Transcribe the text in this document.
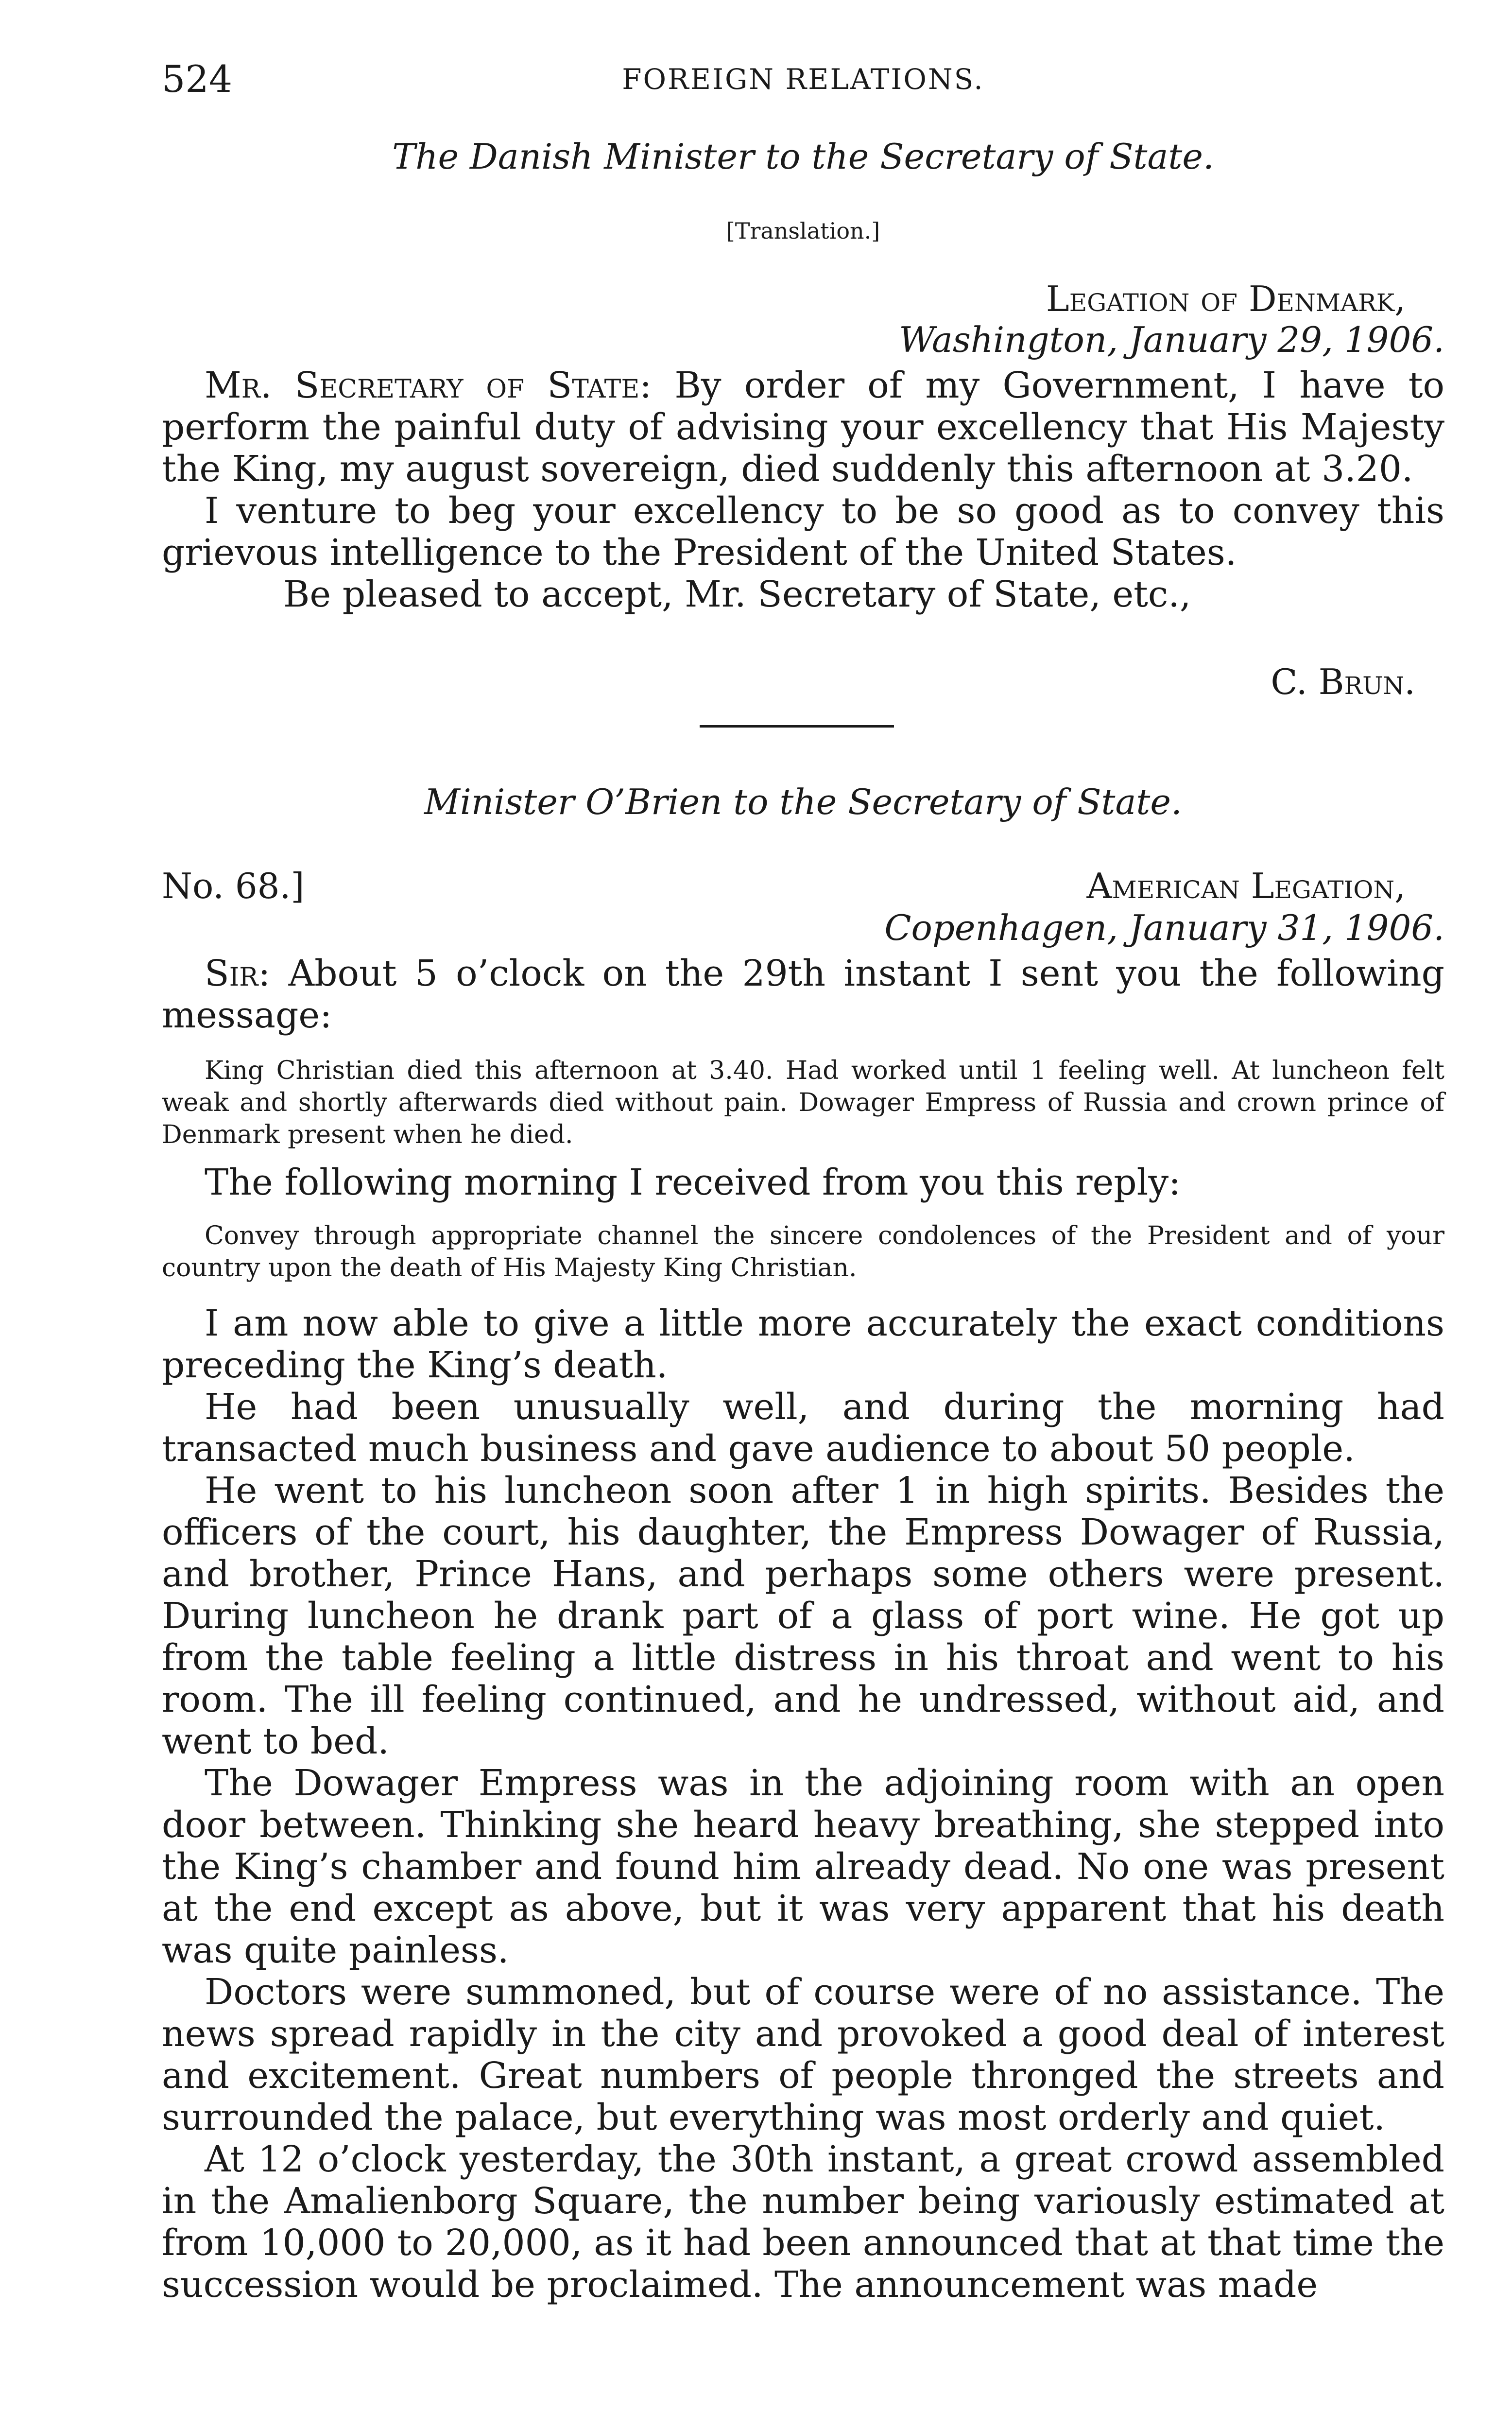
524	FOREIGN RELATIONS.

The Danish Minister to the Secretary of State.

[Translation.]
Legation of Denmark,
Washington, January 29, 1906.

Mr. Secretary of State: By order of my Government, I have to perform the painful duty of advising your excellency that His Majesty the King, my august sovereign, died suddenly this afternoon at 3.20.

I venture to beg your excellency to be so good as to convey this grievous intelligence to the President of the United States.

Be pleased to accept, Mr. Secretary of State, etc.,

C. Brun.

Minister O’Brien to the Secretary of State.

No. 68.]	American Legation,
Copenhagen, January 31, 1906.

Sir: About 5 o’clock on the 29th instant I sent you the following message:

King Christian died this afternoon at 3.40. Had worked until 1 feeling well. At luncheon felt weak and shortly afterwards died without pain. Dowager Empress of Russia and crown prince of Denmark present when he died.

The following morning I received from you this reply:

Convey through appropriate channel the sincere condolences of the President and of your country upon the death of His Majesty King Christian.

I am now able to give a little more accurately the exact conditions preceding the King’s death.

He had been unusually well, and during the morning had transacted much business and gave audience to about 50 people.

He went to his luncheon soon after 1 in high spirits. Besides the officers of the court, his daughter, the Empress Dowager of Russia, and brother, Prince Hans, and perhaps some others were present. During luncheon he drank part of a glass of port wine. He got up from the table feeling a little distress in his throat and went to his room. The ill feeling continued, and he undressed, without aid, and went to bed.

The Dowager Empress was in the adjoining room with an open door between. Thinking she heard heavy breathing, she stepped into the King’s chamber and found him already dead. No one was present at the end except as above, but it was very apparent that his death was quite painless.

Doctors were summoned, but of course were of no assistance. The news spread rapidly in the city and provoked a good deal of interest and excitement. Great numbers of people thronged the streets and surrounded the palace, but everything was most orderly and quiet.

At 12 o’clock yesterday, the 30th instant, a great crowd assembled in the Amalienborg Square, the number being variously estimated at from 10,000 to 20,000, as it had been announced that at that time the succession would be proclaimed. The announcement was made
